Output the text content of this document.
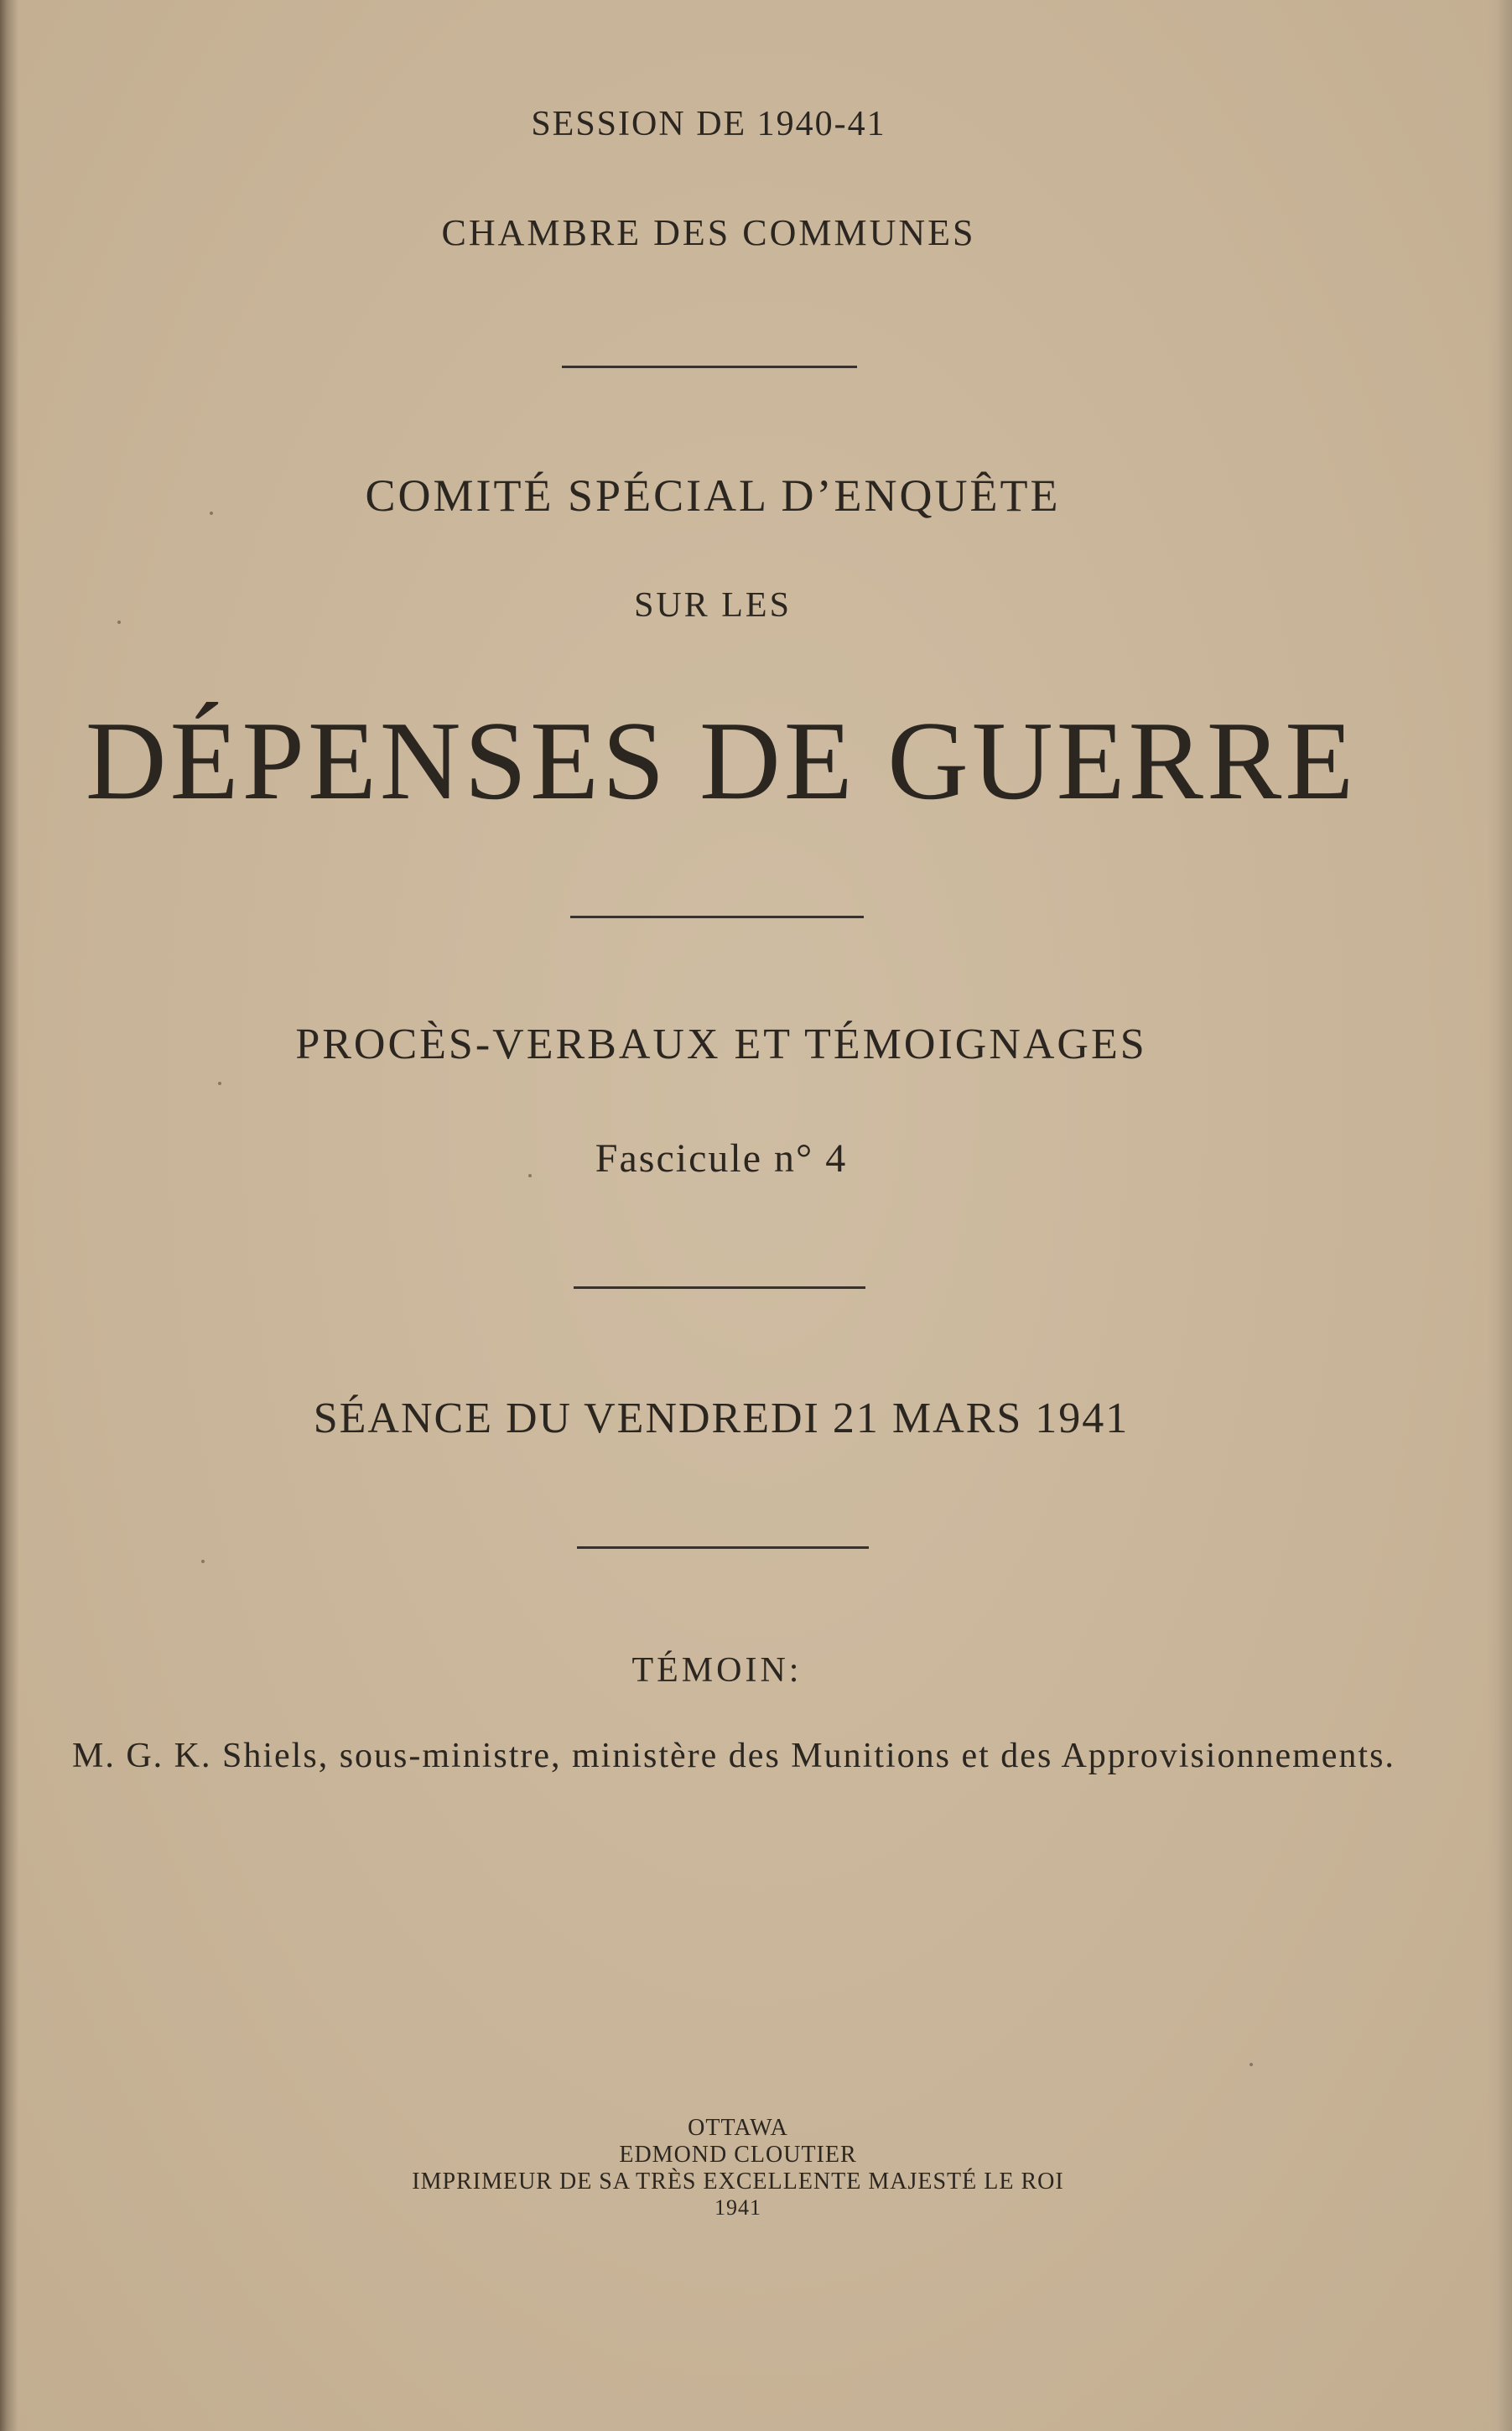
SESSION DE 1940-41
CHAMBRE DES COMMUNES
COMITÉ SPÉCIAL D’ENQUÊTE
SUR LES
DÉPENSES DE GUERRE
PROCÈS-VERBAUX ET TÉMOIGNAGES
Fascicule n° 4
SÉANCE DU VENDREDI 21 MARS 1941
TÉMOIN:
M. G. K. Shiels, sous-ministre, ministère des Munitions et des Approvisionnements.
OTTAWA
EDMOND CLOUTIER
IMPRIMEUR DE SA TRÈS EXCELLENTE MAJESTÉ LE ROI
1941
